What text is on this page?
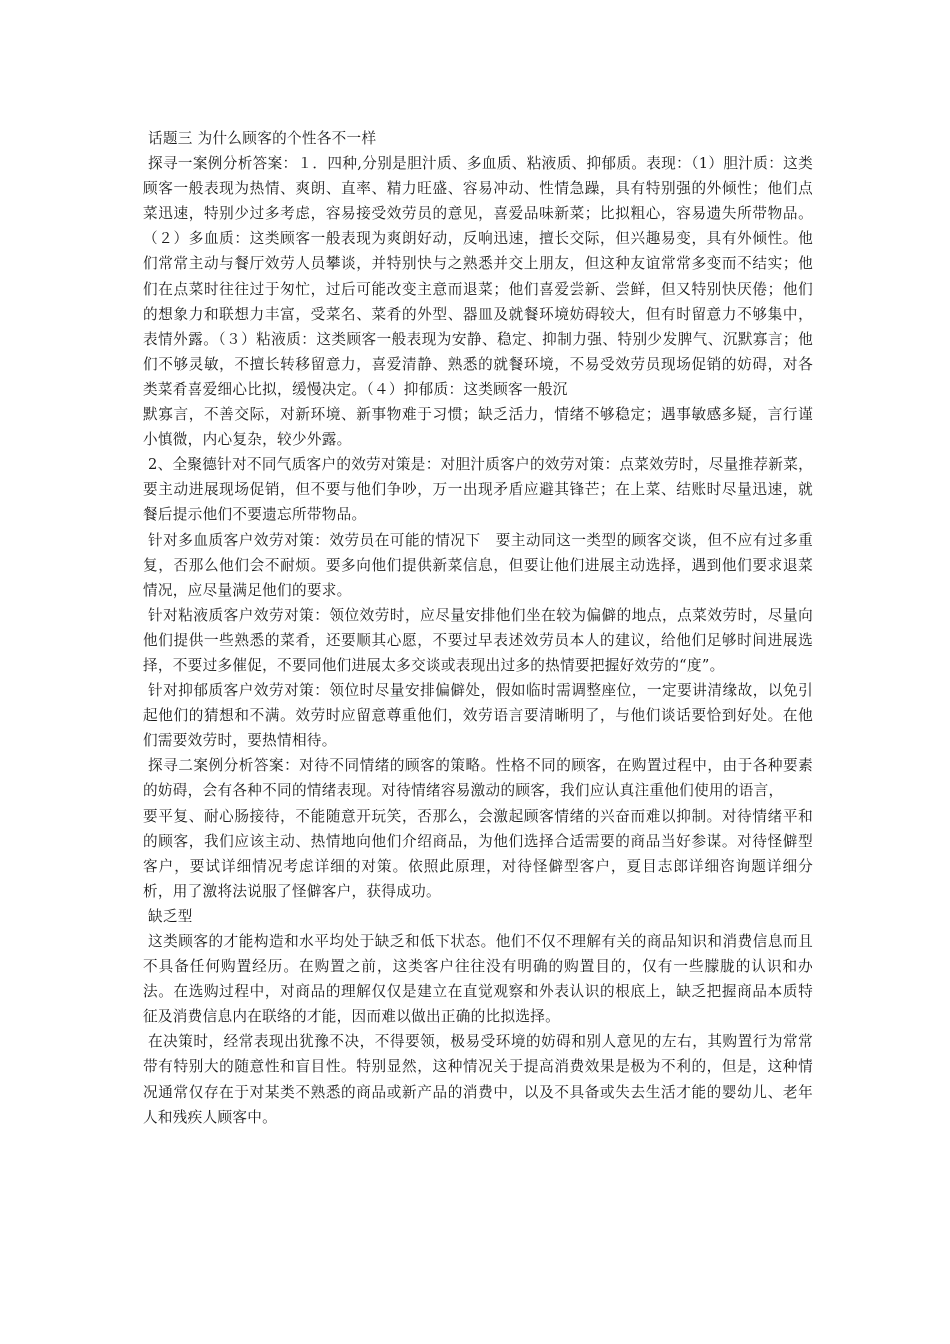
话题三 为什么顾客的个性各不一样

探寻一案例分析答案：１．四种,分别是胆汁质、多血质、粘液质、抑郁质。表现：（1）胆汁质：这类顾客一般表现为热情、爽朗、直率、精力旺盛、容易冲动、性情急躁，具有特别强的外倾性；他们点菜迅速，特别少过多考虑，容易接受效劳员的意见，喜爱品味新菜；比拟粗心，容易遗失所带物品。（２）多血质：这类顾客一般表现为爽朗好动，反响迅速，擅长交际，但兴趣易变，具有外倾性。他们常常主动与餐厅效劳人员攀谈，并特别快与之熟悉并交上朋友，但这种友谊常常多变而不结实；他们在点菜时往往过于匆忙，过后可能改变主意而退菜；他们喜爱尝新、尝鲜，但又特别快厌倦；他们的想象力和联想力丰富，受菜名、菜肴的外型、器皿及就餐环境妨碍较大，但有时留意力不够集中，表情外露。（３）粘液质：这类顾客一般表现为安静、稳定、抑制力强、特别少发脾气、沉默寡言；他们不够灵敏，不擅长转移留意力，喜爱清静、熟悉的就餐环境，不易受效劳员现场促销的妨碍，对各类菜肴喜爱细心比拟，缓慢决定。（４）抑郁质：这类顾客一般沉

默寡言，不善交际，对新环境、新事物难于习惯；缺乏活力，情绪不够稳定；遇事敏感多疑，言行谨小慎微，内心复杂，较少外露。

2、全聚德针对不同气质客户的效劳对策是：对胆汁质客户的效劳对策：点菜效劳时，尽量推荐新菜，要主动进展现场促销，但不要与他们争吵，万一出现矛盾应避其锋芒；在上菜、结账时尽量迅速，就餐后提示他们不要遗忘所带物品。

针对多血质客户效劳对策：效劳员在可能的情况下　要主动同这一类型的顾客交谈，但不应有过多重复，否那么他们会不耐烦。要多向他们提供新菜信息，但要让他们进展主动选择，遇到他们要求退菜情况，应尽量满足他们的要求。

针对粘液质客户效劳对策：领位效劳时，应尽量安排他们坐在较为偏僻的地点，点菜效劳时，尽量向他们提供一些熟悉的菜肴，还要顺其心愿，不要过早表述效劳员本人的建议，给他们足够时间进展选择，不要过多催促，不要同他们进展太多交谈或表现出过多的热情要把握好效劳的“度”。

针对抑郁质客户效劳对策：领位时尽量安排偏僻处，假如临时需调整座位，一定要讲清缘故，以免引起他们的猜想和不满。效劳时应留意尊重他们，效劳语言要清晰明了，与他们谈话要恰到好处。在他们需要效劳时，要热情相待。

探寻二案例分析答案：对待不同情绪的顾客的策略。性格不同的顾客，在购置过程中，由于各种要素的妨碍，会有各种不同的情绪表现。对待情绪容易激动的顾客，我们应认真注重他们使用的语言，

要平复、耐心肠接待，不能随意开玩笑，否那么，会激起顾客情绪的兴奋而难以抑制。对待情绪平和的顾客，我们应该主动、热情地向他们介绍商品，为他们选择合适需要的商品当好参谋。对待怪僻型客户，要试详细情况考虑详细的对策。依照此原理，对待怪僻型客户，夏目志郎详细咨询题详细分析，用了激将法说服了怪僻客户，获得成功。

缺乏型

这类顾客的才能构造和水平均处于缺乏和低下状态。他们不仅不理解有关的商品知识和消费信息而且不具备任何购置经历。在购置之前，这类客户往往没有明确的购置目的，仅有一些朦胧的认识和办法。在选购过程中，对商品的理解仅仅是建立在直觉观察和外表认识的根底上，缺乏把握商品本质特征及消费信息内在联络的才能，因而难以做出正确的比拟选择。

在决策时，经常表现出犹豫不决，不得要领，极易受环境的妨碍和别人意见的左右，其购置行为常常带有特别大的随意性和盲目性。特别显然，这种情况关于提高消费效果是极为不利的，但是，这种情况通常仅存在于对某类不熟悉的商品或新产品的消费中，以及不具备或失去生活才能的婴幼儿、老年人和残疾人顾客中。
